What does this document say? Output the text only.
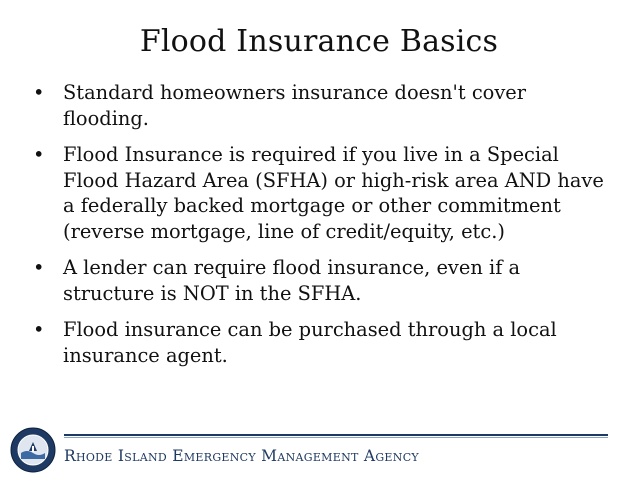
Flood Insurance Basics
• Standard homeowners insurance doesn't cover
flooding.
• Flood Insurance is required if you live in a Special
Flood Hazard Area (SFHA) or high-risk area AND have
a federally backed mortgage or other commitment
(reverse mortgage, line of credit/equity, etc.)
• A lender can require flood insurance, even if a
structure is NOT in the SFHA.
• Flood insurance can be purchased through a local
insurance agent.
Rhode Island Emergency Management Agency
